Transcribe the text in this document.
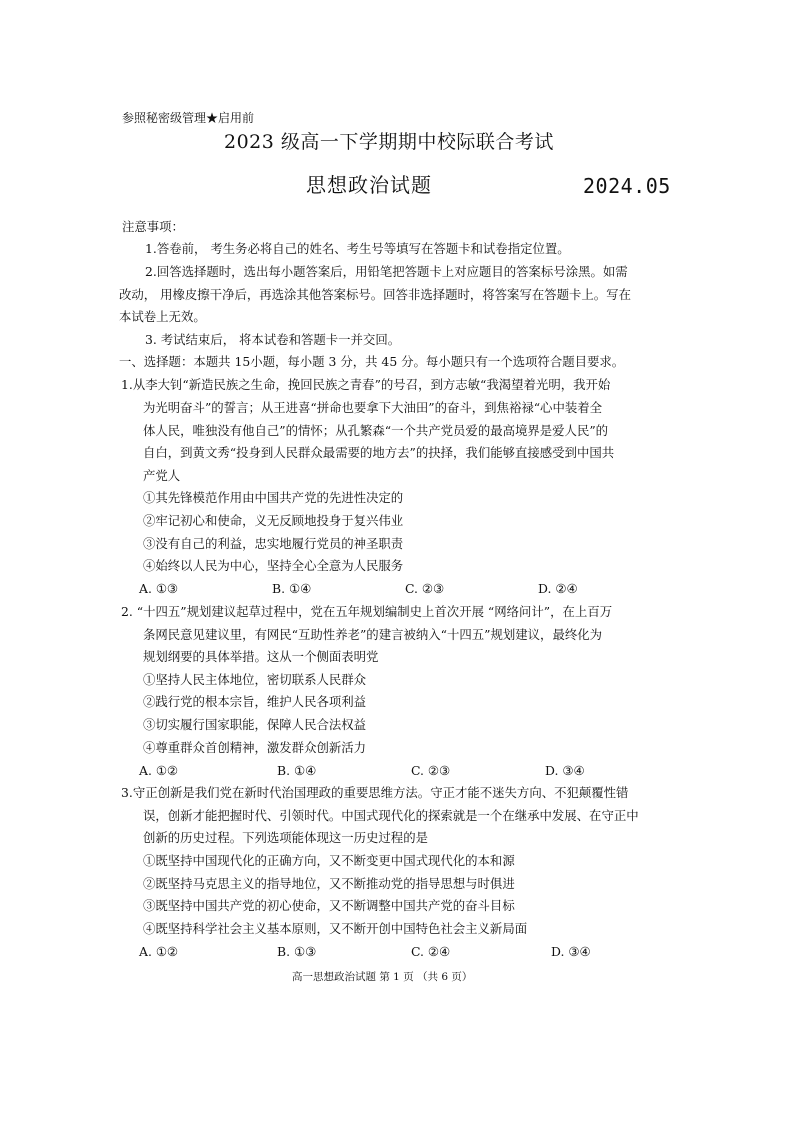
参照秘密级管理★启用前
2023 级高一下学期期中校际联合考试
思想政治试题	2024.05
注意事项：
1.答卷前， 考生务必将自己的姓名、考生号等填写在答题卡和试卷指定位置。
2.回答选择题时，选出每小题答案后，用铅笔把答题卡上对应题目的答案标号涂黑。如需
改动， 用橡皮擦干净后，再选涂其他答案标号。回答非选择题时，将答案写在答题卡上。写在
本试卷上无效。
3. 考试结束后， 将本试卷和答题卡一并交回。
一、选择题：本题共 15小题，每小题 3 分，共 45 分。每小题只有一个选项符合题目要求。
1.从李大钊“新造民族之生命，挽回民族之青春”的号召，到方志敏“我渴望着光明，我开始
为光明奋斗”的誓言；从王进喜“拼命也要拿下大油田”的奋斗，到焦裕禄“心中装着全
体人民，唯独没有他自己”的情怀；从孔繁森“一个共产党员爱的最高境界是爱人民”的
自白，到黄文秀“投身到人民群众最需要的地方去”的抉择，我们能够直接感受到中国共
产党人
①其先锋模范作用由中国共产党的先进性决定的
②牢记初心和使命，义无反顾地投身于复兴伟业
③没有自己的利益，忠实地履行党员的神圣职责
④始终以人民为中心，坚持全心全意为人民服务
A. ①③	B. ①④	C. ②③	D. ②④
2. “十四五”规划建议起草过程中，党在五年规划编制史上首次开展 “网络问计”，在上百万
条网民意见建议里，有网民“互助性养老”的建言被纳入“十四五”规划建议，最终化为
规划纲要的具体举措。这从一个侧面表明党
①坚持人民主体地位，密切联系人民群众
②践行党的根本宗旨，维护人民各项利益
③切实履行国家职能，保障人民合法权益
④尊重群众首创精神，激发群众创新活力
A. ①②	B. ①④	C. ②③	D. ③④
3.守正创新是我们党在新时代治国理政的重要思维方法。守正才能不迷失方向、不犯颠覆性错
误，创新才能把握时代、引领时代。中国式现代化的探索就是一个在继承中发展、在守正中
创新的历史过程。下列选项能体现这一历史过程的是
①既坚持中国现代化的正确方向，又不断变更中国式现代化的本和源
②既坚持马克思主义的指导地位，又不断推动党的指导思想与时俱进
③既坚持中国共产党的初心使命，又不断调整中国共产党的奋斗目标
④既坚持科学社会主义基本原则，又不断开创中国特色社会主义新局面
A. ①②	B. ①③	C. ②④	D. ③④
高一思想政治试题 第 1 页 （共 6 页）
